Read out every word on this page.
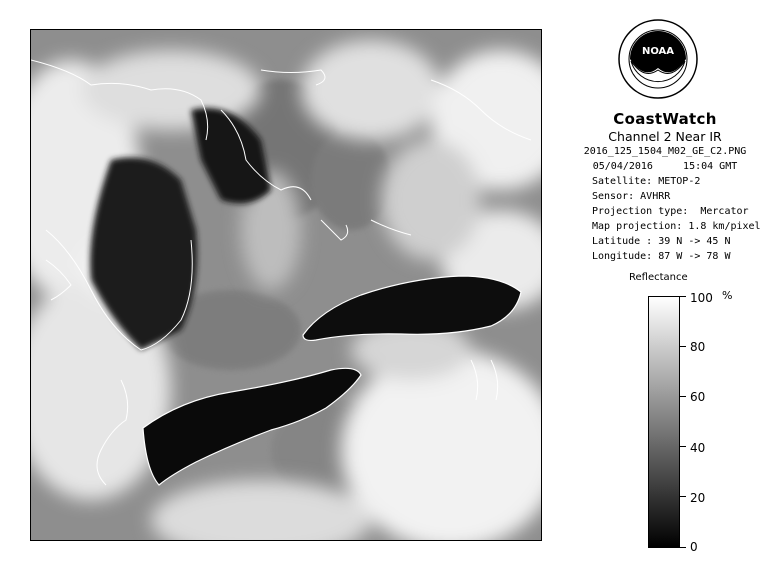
NOAA
CoastWatch
Channel 2 Near IR
2016_125_1504_M02_GE_C2.PNG
05/04/2016     15:04 GMT
Satellite: METOP-2
Sensor: AVHRR
Projection type:  Mercator
Map projection: 1.8 km/pixel
Latitude : 39 N -> 45 N
Longitude: 87 W -> 78 W
Reflectance
100 %
80
60
40
20
0
